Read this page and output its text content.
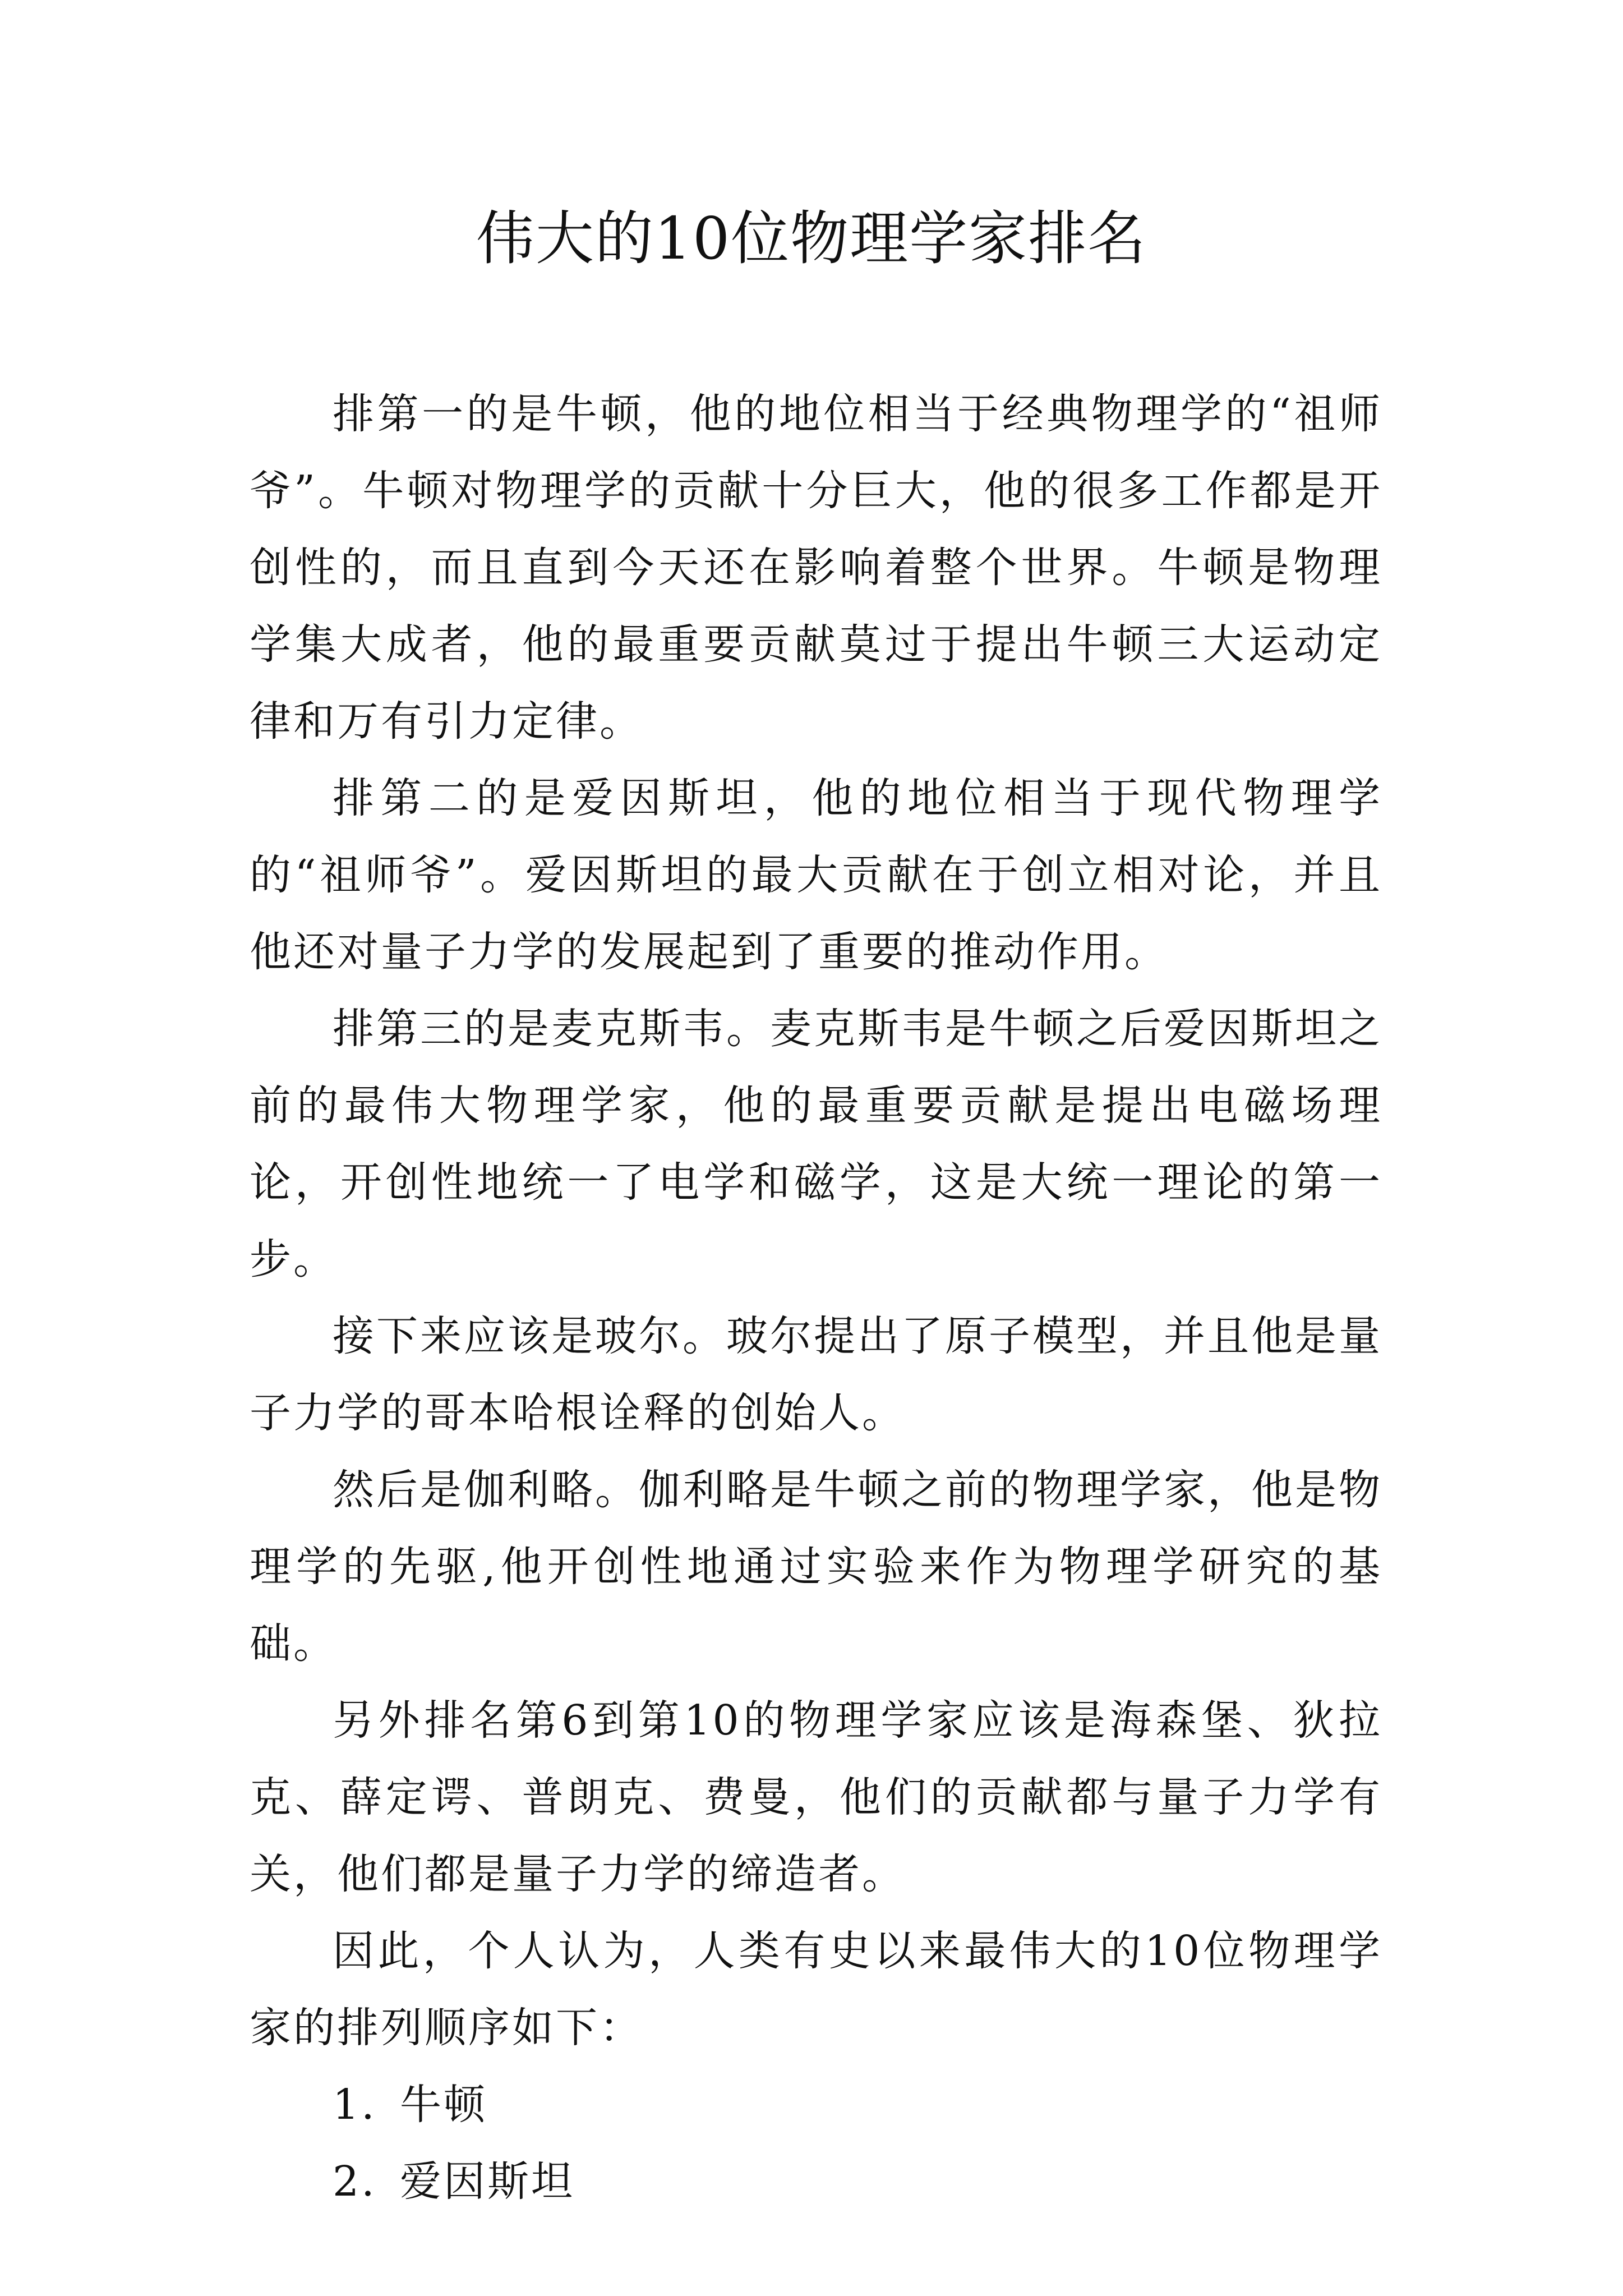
伟大的10位物理学家排名

排第一的是牛顿，他的地位相当于经典物理学的“祖师爷”。牛顿对物理学的贡献十分巨大，他的很多工作都是开创性的，而且直到今天还在影响着整个世界。牛顿是物理学集大成者，他的最重要贡献莫过于提出牛顿三大运动定律和万有引力定律。

排第二的是爱因斯坦，他的地位相当于现代物理学的“祖师爷”。爱因斯坦的最大贡献在于创立相对论，并且他还对量子力学的发展起到了重要的推动作用。

排第三的是麦克斯韦。麦克斯韦是牛顿之后爱因斯坦之前的最伟大物理学家，他的最重要贡献是提出电磁场理论，开创性地统一了电学和磁学，这是大统一理论的第一步。

接下来应该是玻尔。玻尔提出了原子模型，并且他是量子力学的哥本哈根诠释的创始人。

然后是伽利略。伽利略是牛顿之前的物理学家，他是物理学的先驱,他开创性地通过实验来作为物理学研究的基础。

另外排名第6到第10的物理学家应该是海森堡、狄拉克、薛定谔、普朗克、费曼，他们的贡献都与量子力学有关，他们都是量子力学的缔造者。

因此，个人认为，人类有史以来最伟大的10位物理学家的排列顺序如下：

1. 牛顿
2. 爱因斯坦
